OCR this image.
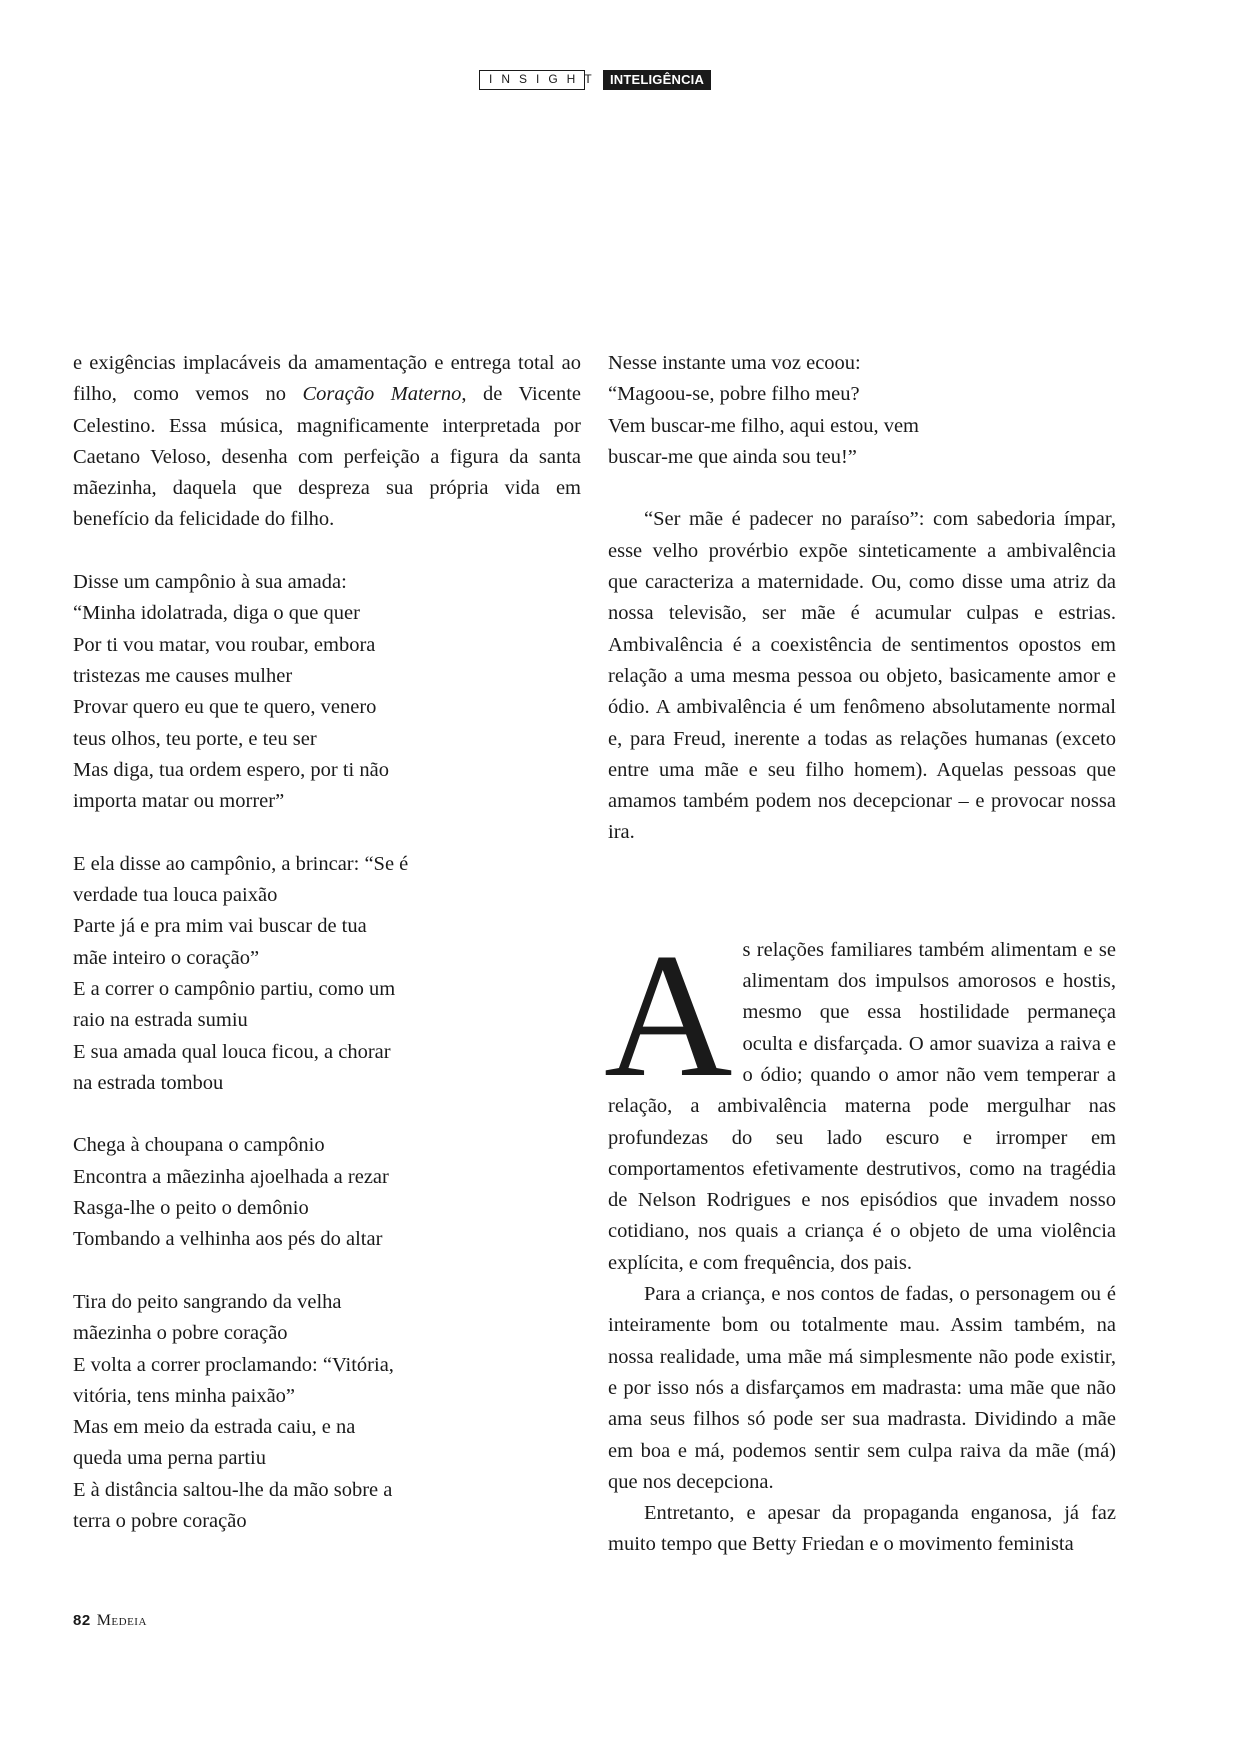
INSIGHT INTELIGÊNCIA

e exigências implacáveis da amamentação e entrega total ao filho, como vemos no Coração Materno, de Vicente Celestino. Essa música, magnificamente interpretada por Caetano Veloso, desenha com perfeição a figura da santa mãezinha, daquela que despreza sua própria vida em benefício da felicidade do filho.

Disse um campônio à sua amada:
“Minha idolatrada, diga o que quer
Por ti vou matar, vou roubar, embora
tristezas me causes mulher
Provar quero eu que te quero, venero
teus olhos, teu porte, e teu ser
Mas diga, tua ordem espero, por ti não
importa matar ou morrer”
E ela disse ao campônio, a brincar: “Se é
verdade tua louca paixão
Parte já e pra mim vai buscar de tua
mãe inteiro o coração”
E a correr o campônio partiu, como um
raio na estrada sumiu
E sua amada qual louca ficou, a chorar
na estrada tombou
Chega à choupana o campônio
Encontra a mãezinha ajoelhada a rezar
Rasga-lhe o peito o demônio
Tombando a velhinha aos pés do altar
Tira do peito sangrando da velha
mãezinha o pobre coração
E volta a correr proclamando: “Vitória,
vitória, tens minha paixão”
Mas em meio da estrada caiu, e na
queda uma perna partiu
E à distância saltou-lhe da mão sobre a
terra o pobre coração
Nesse instante uma voz ecoou:
“Magoou-se, pobre filho meu?
Vem buscar-me filho, aqui estou, vem
buscar-me que ainda sou teu!”

“Ser mãe é padecer no paraíso”: com sabedoria ímpar, esse velho provérbio expõe sinteticamente a ambivalência que caracteriza a maternidade. Ou, como disse uma atriz da nossa televisão, ser mãe é acumular culpas e estrias. Ambivalência é a coexistência de sentimentos opostos em relação a uma mesma pessoa ou objeto, basicamente amor e ódio. A ambivalência é um fenômeno absolutamente normal e, para Freud, inerente a todas as relações humanas (exceto entre uma mãe e seu filho homem). Aquelas pessoas que amamos também podem nos decepcionar – e provocar nossa ira.

As relações familiares também alimentam e se alimentam dos impulsos amorosos e hostis, mesmo que essa hostilidade permaneça oculta e disfarçada. O amor suaviza a raiva e o ódio; quando o amor não vem temperar a relação, a ambivalência materna pode mergulhar nas profundezas do seu lado escuro e irromper em comportamentos efetivamente destrutivos, como na tragédia de Nelson Rodrigues e nos episódios que invadem nosso cotidiano, nos quais a criança é o objeto de uma violência explícita, e com frequência, dos pais.

Para a criança, e nos contos de fadas, o personagem ou é inteiramente bom ou totalmente mau. Assim também, na nossa realidade, uma mãe má simplesmente não pode existir, e por isso nós a disfarçamos em madrasta: uma mãe que não ama seus filhos só pode ser sua madrasta. Dividindo a mãe em boa e má, podemos sentir sem culpa raiva da mãe (má) que nos decepciona.

Entretanto, e apesar da propaganda enganosa, já faz muito tempo que Betty Friedan e o movimento feminista

82 Medeia
